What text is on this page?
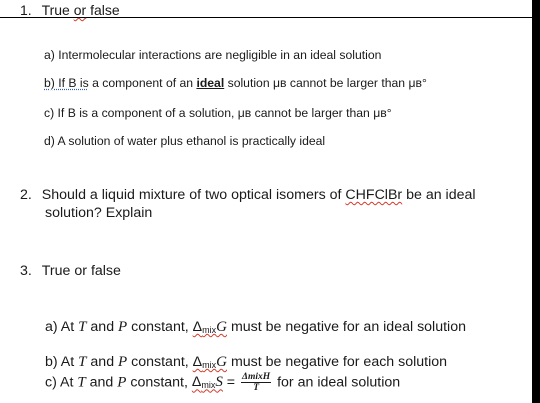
1. True or false
a) Intermolecular interactions are negligible in an ideal solution
b) If B is a component of an ideal solution μʙ cannot be larger than μʙ°
c) If B is a component of a solution, μʙ cannot be larger than μʙ°
d) A solution of water plus ethanol is practically ideal
2. Should a liquid mixture of two optical isomers of CHFClBr be an ideal
solution? Explain
3. True or false
a) At T and P constant, $\Delta_{mix}G$ must be negative for an ideal solution
b) At T and P constant, $\Delta_{mix}G$ must be negative for each solution
c) At T and P constant, $\Delta_{mix}S = \frac{\text{ΔmixH}}{T}$ for an ideal solution
